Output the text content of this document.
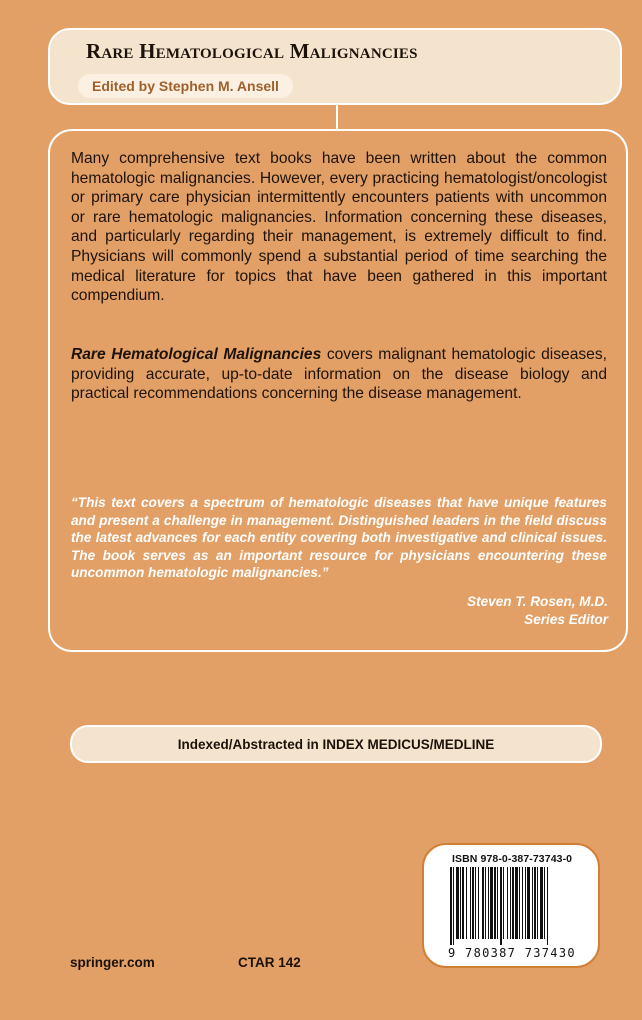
Rare Hematological Malignancies
Edited by Stephen M. Ansell

Many comprehensive text books have been written about the common hematologic malignancies. However, every practicing hematologist/oncologist or primary care physician intermittently encounters patients with uncommon or rare hematologic malignancies. Information concerning these diseases, and particularly regarding their management, is extremely difficult to find. Physicians will commonly spend a substantial period of time searching the medical literature for topics that have been gathered in this important compendium.

Rare Hematological Malignancies covers malignant hematologic diseases, providing accurate, up-to-date information on the disease biology and practical recommendations concerning the disease management.

“This text covers a spectrum of hematologic diseases that have unique features and present a challenge in management. Distinguished leaders in the field discuss the latest advances for each entity covering both investigative and clinical issues. The book serves as an important resource for physicians encountering these uncommon hematologic malignancies.”

Steven T. Rosen, M.D.
Series Editor
Indexed/Abstracted in INDEX MEDICUS/MEDLINE
ISBN 978-0-387-73743-0
9 780387 737430
springer.com	CTAR 142
